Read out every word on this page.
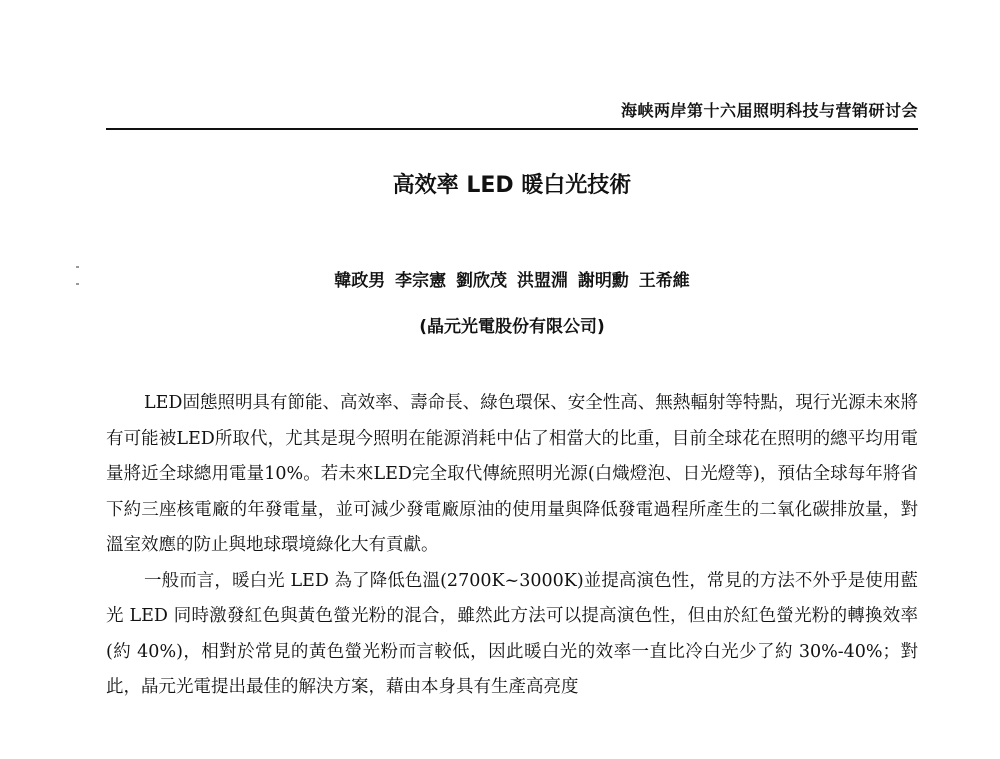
海峡两岸第十六届照明科技与营销研讨会
高效率 LED 暖白光技術
韓政男 李宗憲 劉欣茂 洪盟淵 謝明勳 王希維
(晶元光電股份有限公司)

LED固態照明具有節能、高效率、壽命長、綠色環保、安全性高、無熱輻射等特點，現行光源未來將有可能被LED所取代，尤其是現今照明在能源消耗中佔了相當大的比重，目前全球花在照明的總平均用電量將近全球總用電量10%。若未來LED完全取代傳統照明光源(白熾燈泡、日光燈等)，預估全球每年將省下約三座核電廠的年發電量，並可減少發電廠原油的使用量與降低發電過程所產生的二氧化碳排放量，對溫室效應的防止與地球環境綠化大有貢獻。

一般而言，暖白光 LED 為了降低色溫(2700K~3000K)並提高演色性，常見的方法不外乎是使用藍光 LED 同時激發紅色與黃色螢光粉的混合，雖然此方法可以提高演色性，但由於紅色螢光粉的轉換效率(約 40%)，相對於常見的黃色螢光粉而言較低，因此暖白光的效率一直比冷白光少了約 30%-40%；對此，晶元光電提出最佳的解決方案，藉由本身具有生產高亮度
